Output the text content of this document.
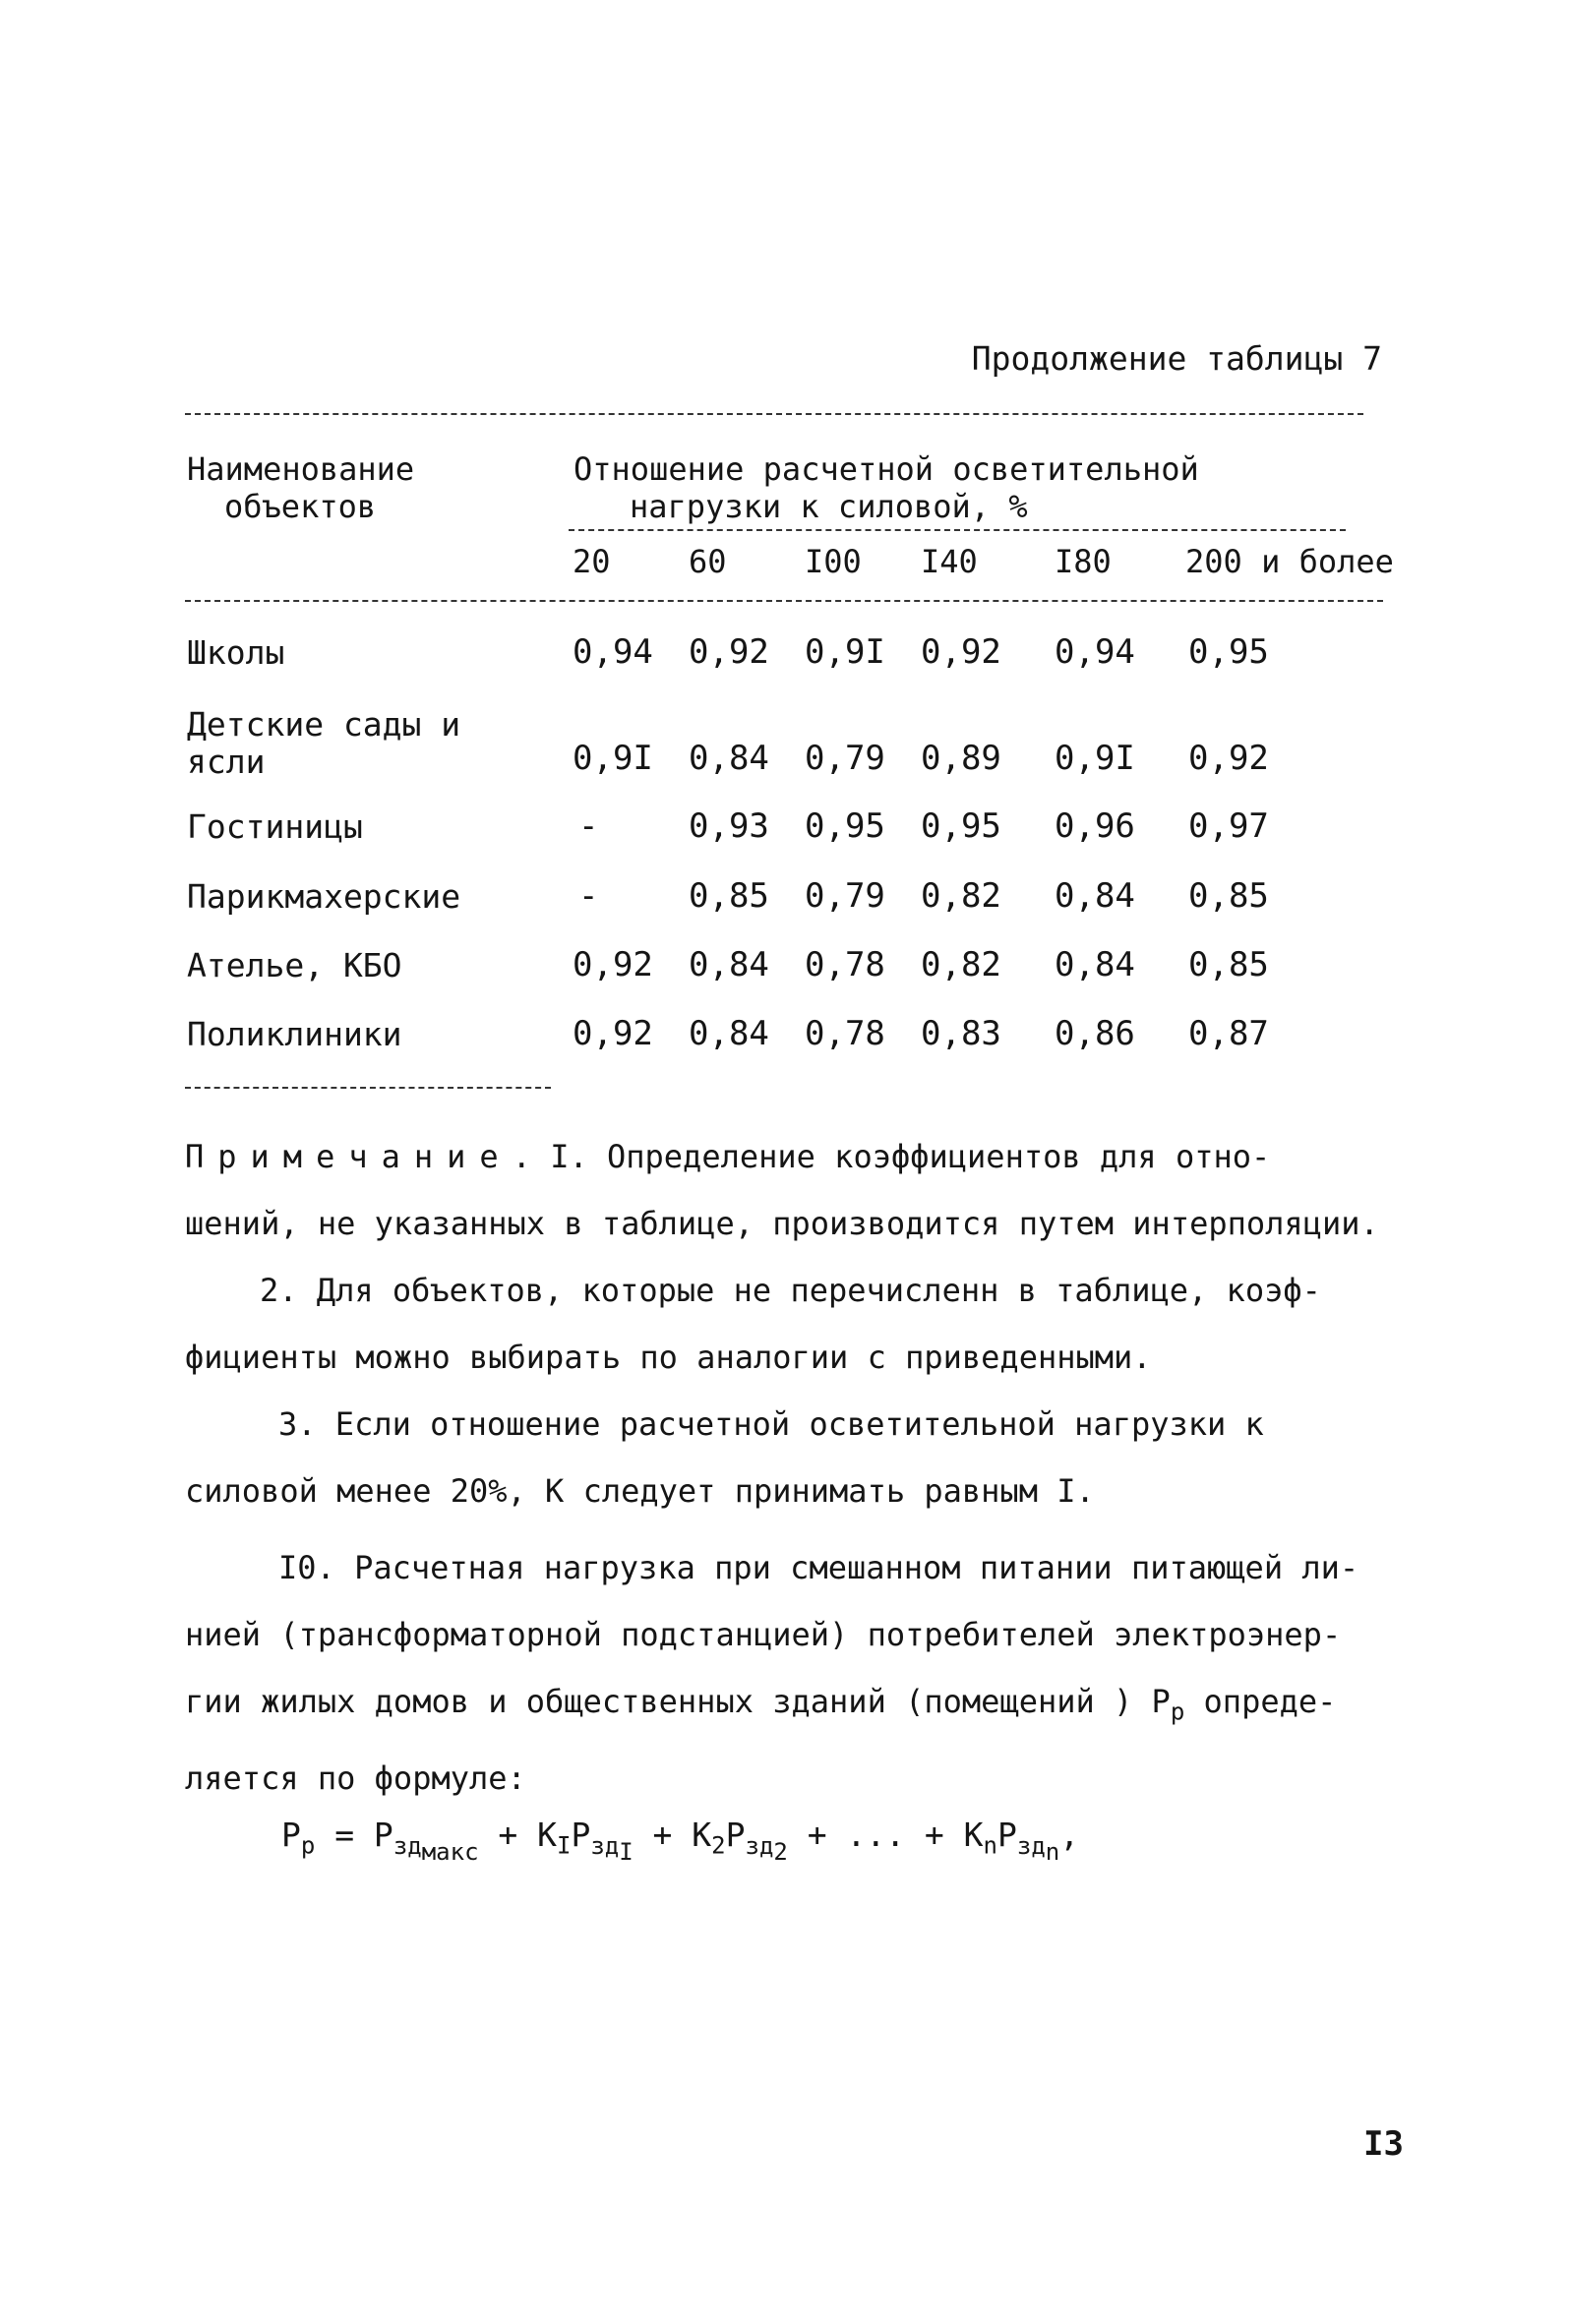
Продолжение таблицы 7
Наименование
объектов
Отношение расчетной осветительной
нагрузки к силовой, %
20 60 I00 I40 I80 200 и более
Школы	0,94 0,92 0,9I 0,92 0,94 0,95
Детские сады и
ясли	0,9I 0,84 0,79 0,89 0,9I 0,92
Гостиницы	-	0,93 0,95 0,95 0,96 0,97
Парикмахерские	-	0,85 0,79 0,82 0,84 0,85
Ателье, КБО	0,92 0,84 0,78 0,82 0,84 0,85
Поликлиники	0,92 0,84 0,78 0,83 0,86 0,87
Примечание. I. Определение коэффициентов для отно-
шений, не указанных в таблице, производится путем интерполяции.
2. Для объектов, которые не перечисленн в таблице, коэф-
фициенты можно выбирать по аналогии с приведенными.
3. Если отношение расчетной осветительной нагрузки к
силовой менее 20%, К следует принимать равным I.
I0. Расчетная нагрузка при смешанном питании питающей ли-
нией (трансформаторной подстанцией) потребителей электроэнер-
гии жилых домов и общественных зданий (помещений ) $P_р$ опреде-
ляется по формуле:
$P_р = P_{зд_{макс}} + К_IP_{зд_I} + К_2P_{зд_2}$ + ... + $К_nP_{зд_n}$,
I3
